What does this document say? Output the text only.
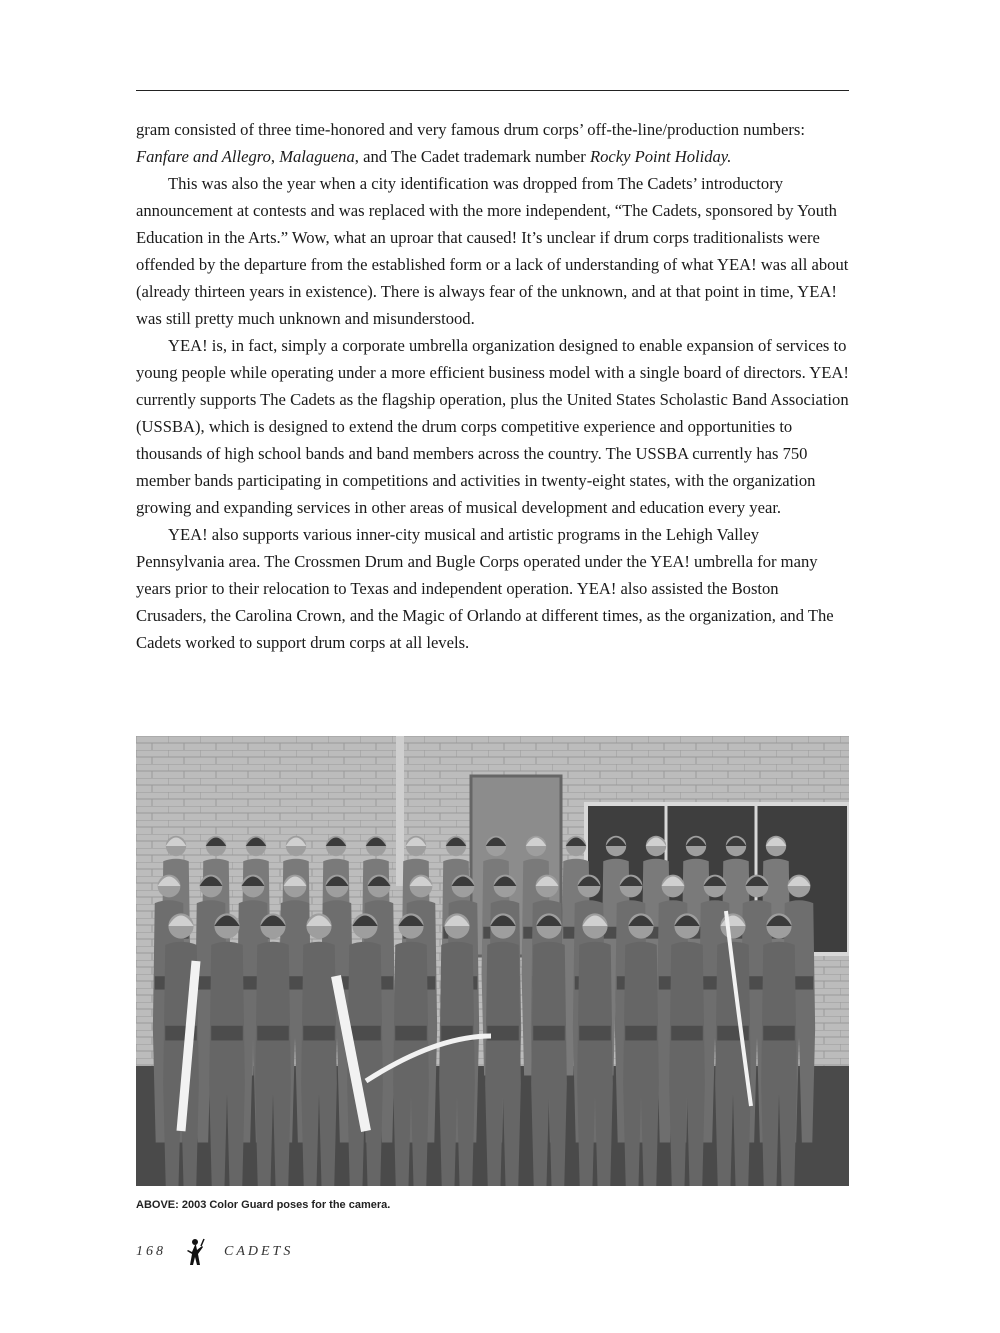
gram consisted of three time-honored and very famous drum corps’ off-the-line/production numbers: Fanfare and Allegro, Malaguena, and The Cadet trademark number Rocky Point Holiday.

This was also the year when a city identification was dropped from The Cadets’ introductory announcement at contests and was replaced with the more independent, “The Cadets, sponsored by Youth Education in the Arts.” Wow, what an uproar that caused! It’s unclear if drum corps traditionalists were offended by the departure from the established form or a lack of understanding of what YEA! was all about (already thirteen years in existence). There is always fear of the unknown, and at that point in time, YEA! was still pretty much unknown and misunderstood.

YEA! is, in fact, simply a corporate umbrella organization designed to enable expansion of services to young people while operating under a more efficient business model with a single board of directors. YEA! currently supports The Cadets as the flagship operation, plus the United States Scholastic Band Association (USSBA), which is designed to extend the drum corps competitive experience and opportunities to thousands of high school bands and band members across the country. The USSBA currently has 750 member bands participating in competitions and activities in twenty-eight states, with the organization growing and expanding services in other areas of musical development and education every year.

YEA! also supports various inner-city musical and artistic programs in the Lehigh Valley Pennsylvania area. The Crossmen Drum and Bugle Corps operated under the YEA! umbrella for many years prior to their relocation to Texas and independent operation. YEA! also assisted the Boston Crusaders, the Carolina Crown, and the Magic of Orlando at different times, as the organization, and The Cadets worked to support drum corps at all levels.

ABOVE: 2003 Color Guard poses for the camera.
168	CADETS
